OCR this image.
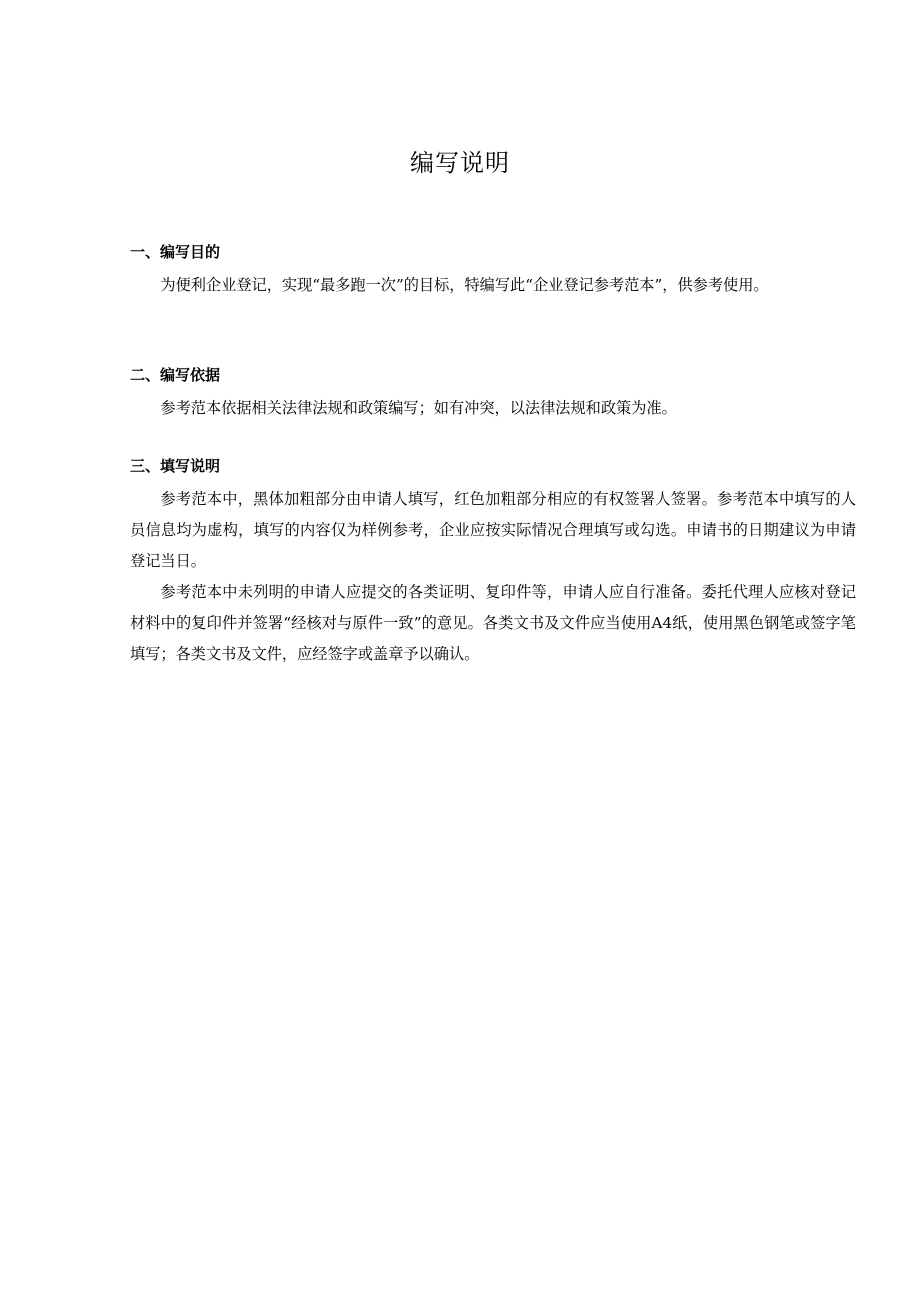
编写说明
一、编写目的

为便利企业登记，实现“最多跑一次”的目标，特编写此“企业登记参考范本”，供参考使用。

二、编写依据

参考范本依据相关法律法规和政策编写；如有冲突，以法律法规和政策为准。

三、填写说明

参考范本中，黑体加粗部分由申请人填写，红色加粗部分相应的有权签署人签署。参考范本中填写的人员信息均为虚构，填写的内容仅为样例参考，企业应按实际情况合理填写或勾选。申请书的日期建议为申请登记当日。

参考范本中未列明的申请人应提交的各类证明、复印件等，申请人应自行准备。委托代理人应核对登记材料中的复印件并签署“经核对与原件一致”的意见。各类文书及文件应当使用A4纸，使用黑色钢笔或签字笔填写；各类文书及文件，应经签字或盖章予以确认。
